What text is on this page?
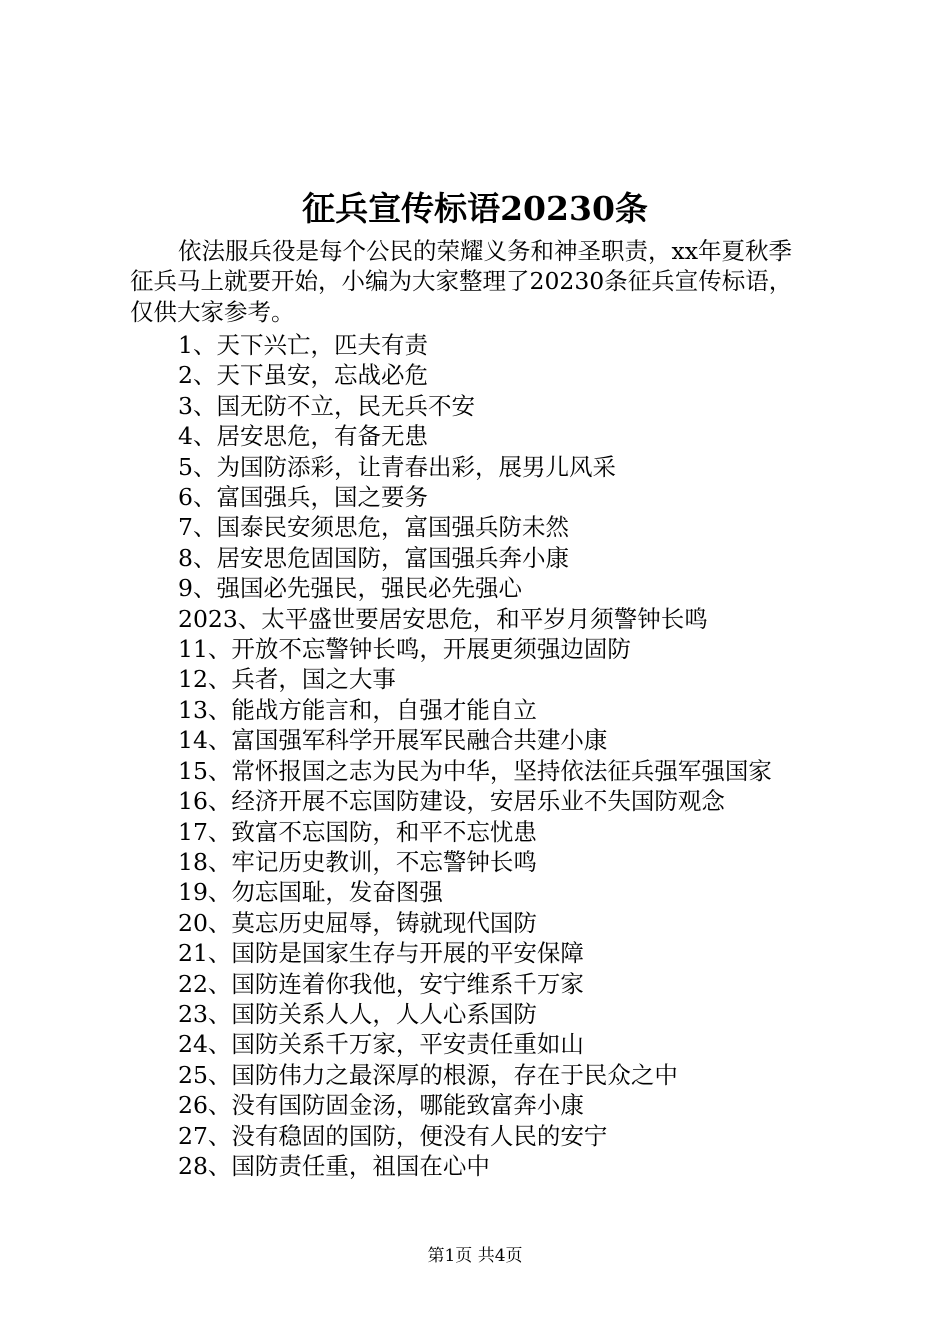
征兵宣传标语20230条
依法服兵役是每个公民的荣耀义务和神圣职责，xx年夏秋季
征兵马上就要开始，小编为大家整理了20230条征兵宣传标语，
仅供大家参考。
1、天下兴亡，匹夫有责
2、天下虽安，忘战必危
3、国无防不立，民无兵不安
4、居安思危，有备无患
5、为国防添彩，让青春出彩，展男儿风采
6、富国强兵，国之要务
7、国泰民安须思危，富国强兵防未然
8、居安思危固国防，富国强兵奔小康
9、强国必先强民，强民必先强心
2023、太平盛世要居安思危，和平岁月须警钟长鸣
11、开放不忘警钟长鸣，开展更须强边固防
12、兵者，国之大事
13、能战方能言和，自强才能自立
14、富国强军科学开展军民融合共建小康
15、常怀报国之志为民为中华，坚持依法征兵强军强国家
16、经济开展不忘国防建设，安居乐业不失国防观念
17、致富不忘国防，和平不忘忧患
18、牢记历史教训，不忘警钟长鸣
19、勿忘国耻，发奋图强
20、莫忘历史屈辱，铸就现代国防
21、国防是国家生存与开展的平安保障
22、国防连着你我他，安宁维系千万家
23、国防关系人人，人人心系国防
24、国防关系千万家，平安责任重如山
25、国防伟力之最深厚的根源，存在于民众之中
26、没有国防固金汤，哪能致富奔小康
27、没有稳固的国防，便没有人民的安宁
28、国防责任重，祖国在心中
第1页 共4页
